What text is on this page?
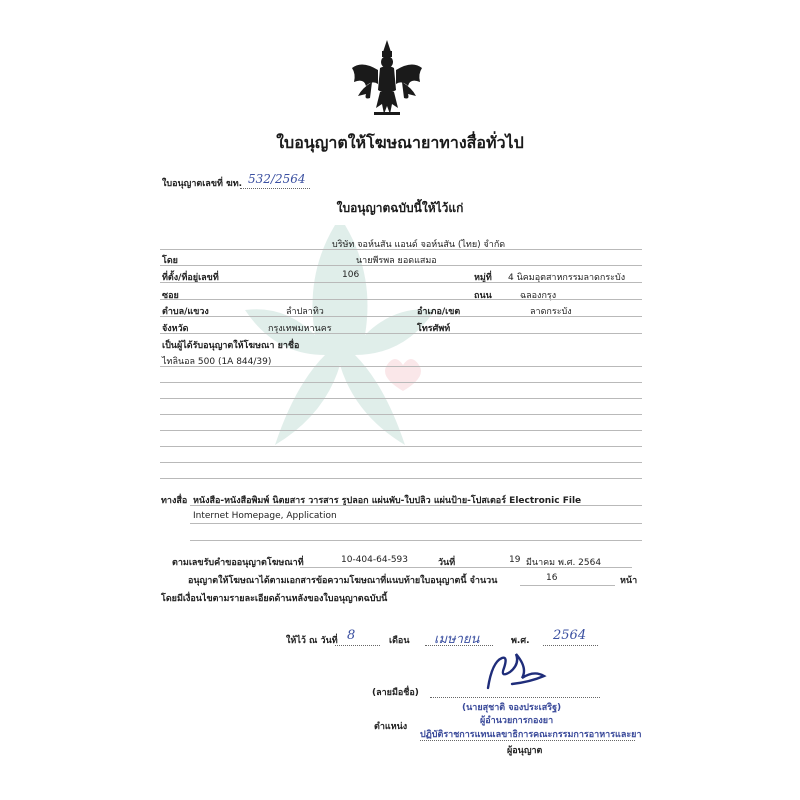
ใบอนุญาตให้โฆษณายาทางสื่อทั่วไป
ใบอนุญาตเลขที่ ฆท. 532/2564
ใบอนุญาตฉบับนี้ให้ไว้แก่
บริษัท จอห์นสัน แอนด์ จอห์นสัน (ไทย) จำกัด
โดย	นายพีรพล ยอดแสมอ
ที่ตั้ง/ที่อยู่เลขที่	106	หมู่ที่ 4 นิคมอุตสาหกรรมลาดกระบัง
ซอย	ถนน	ฉลองกรุง
ตำบล/แขวง	ลำปลาทิว	อำเภอ/เขต	ลาดกระบัง
จังหวัด	กรุงเทพมหานคร	โทรศัพท์
เป็นผู้ได้รับอนุญาตให้โฆษณา ยาชื่อ
ไทลินอล 500 (1A 844/39)
ทางสื่อ หนังสือ-หนังสือพิมพ์ นิตยสาร วารสาร รูปลอก แผ่นพับ-ใบปลิว แผ่นป้าย-โปสเตอร์ Electronic File
Internet Homepage, Application
ตามเลขรับคำขออนุญาตโฆษณาที่	10-404-64-593	วันที่	19 มีนาคม พ.ศ. 2564
อนุญาตให้โฆษณาได้ตามเอกสารข้อความโฆษณาที่แนบท้ายใบอนุญาตนี้ จำนวน	16	หน้า
โดยมีเงื่อนไขตามรายละเอียดด้านหลังของใบอนุญาตฉบับนี้
ให้ไว้ ณ วันที่ 8	เดือน เมษายน	พ.ศ. 2564
(ลายมือชื่อ)
(นายสุชาติ จองประเสริฐ)
ผู้อำนวยการกองยา
ตำแหน่ง
ปฏิบัติราชการแทนเลขาธิการคณะกรรมการอาหารและยา
ผู้อนุญาต
